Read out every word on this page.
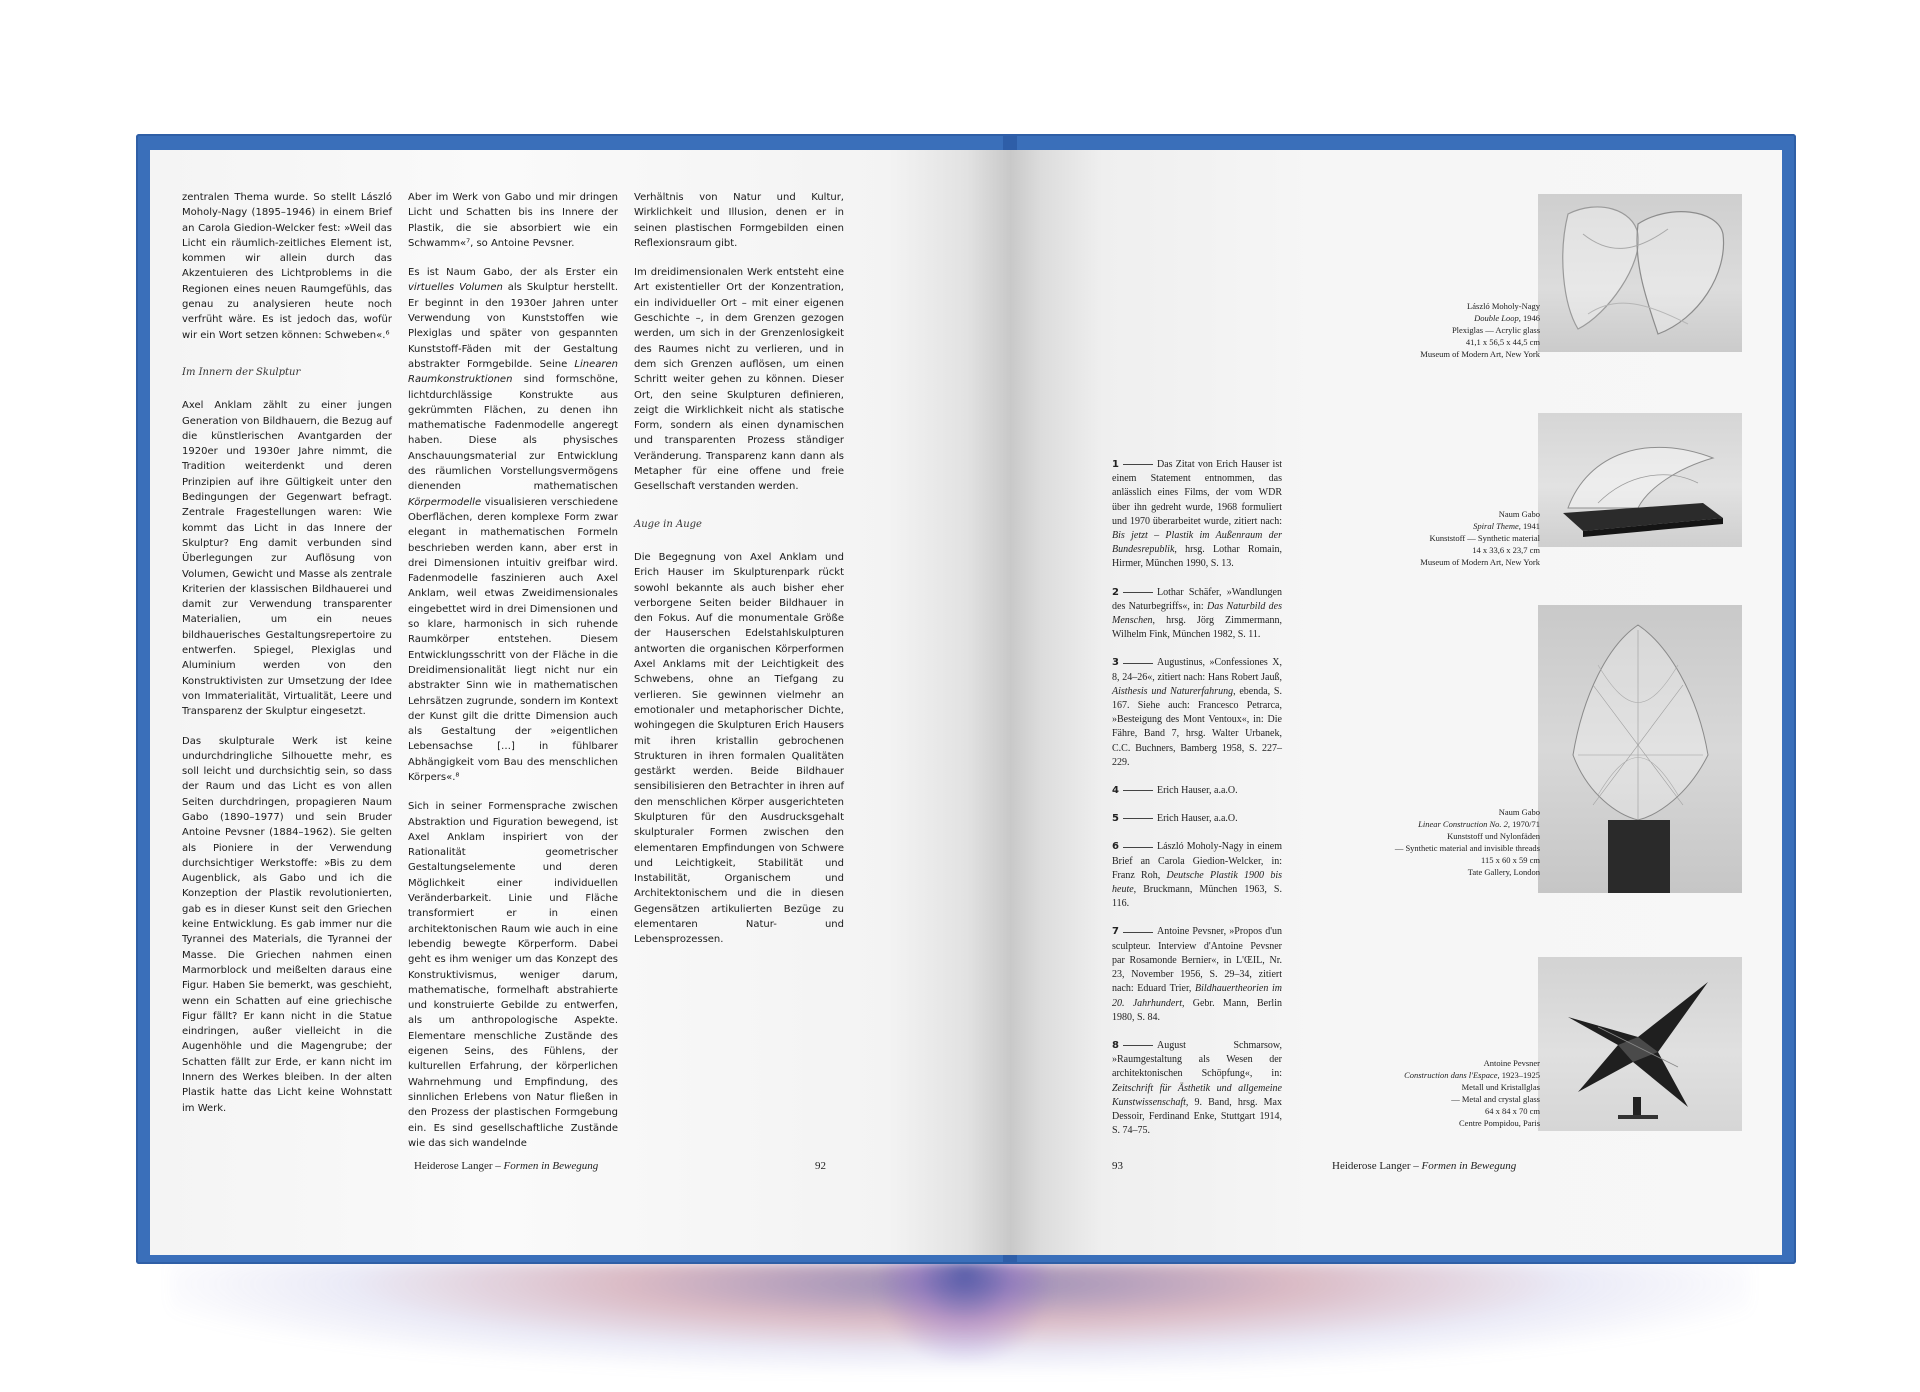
zentralen Thema wurde. So stellt László Moholy-Nagy (1895–1946) in einem Brief an Carola Giedion-Welcker fest: »Weil das Licht ein räumlich-zeitliches Element ist, kommen wir allein durch das Akzentuieren des Lichtproblems in die Regionen eines neuen Raumgefühls, das genau zu analysieren heute noch verfrüht wäre. Es ist jedoch das, wofür wir ein Wort setzen können: Schweben«.⁶

Im Innern der Skulptur

Axel Anklam zählt zu einer jungen Generation von Bildhauern, die Bezug auf die künstlerischen Avantgarden der 1920er und 1930er Jahre nimmt, die Tradition weiterdenkt und deren Prinzipien auf ihre Gültigkeit unter den Bedingungen der Gegenwart befragt. Zentrale Fragestellungen waren: Wie kommt das Licht in das Innere der Skulptur? Eng damit verbunden sind Überlegungen zur Auflösung von Volumen, Gewicht und Masse als zentrale Kriterien der klassischen Bildhauerei und damit zur Verwendung transparenter Materialien, um ein neues bildhauerisches Gestaltungsrepertoire zu entwerfen. Spiegel, Plexiglas und Aluminium werden von den Konstruktivisten zur Umsetzung der Idee von Immaterialität, Virtualität, Leere und Transparenz der Skulptur eingesetzt.

Das skulpturale Werk ist keine undurchdringliche Silhouette mehr, es soll leicht und durchsichtig sein, so dass der Raum und das Licht es von allen Seiten durchdringen, propagieren Naum Gabo (1890–1977) und sein Bruder Antoine Pevsner (1884–1962). Sie gelten als Pioniere in der Verwendung durchsichtiger Werkstoffe: »Bis zu dem Augenblick, als Gabo und ich die Konzeption der Plastik revolutionierten, gab es in dieser Kunst seit den Griechen keine Entwicklung. Es gab immer nur die Tyrannei des Materials, die Tyrannei der Masse. Die Griechen nahmen einen Marmorblock und meißelten daraus eine Figur. Haben Sie bemerkt, was geschieht, wenn ein Schatten auf eine griechische Figur fällt? Er kann nicht in die Statue eindringen, außer vielleicht in die Augenhöhle und die Magengrube; der Schatten fällt zur Erde, er kann nicht im Innern des Werkes bleiben. In der alten Plastik hatte das Licht keine Wohnstatt im Werk.

Aber im Werk von Gabo und mir dringen Licht und Schatten bis ins Innere der Plastik, die sie absorbiert wie ein Schwamm«⁷, so Antoine Pevsner.

Es ist Naum Gabo, der als Erster ein virtuelles Volumen als Skulptur herstellt. Er beginnt in den 1930er Jahren unter Verwendung von Kunststoffen wie Plexiglas und später von gespannten Kunststoff-Fäden mit der Gestaltung abstrakter Formgebilde. Seine Linearen Raumkonstruktionen sind formschöne, lichtdurchlässige Konstrukte aus gekrümmten Flächen, zu denen ihn mathematische Fadenmodelle angeregt haben. Diese als physisches Anschauungsmaterial zur Entwicklung des räumlichen Vorstellungsvermögens dienenden mathematischen Körpermodelle visualisieren verschiedene Oberflächen, deren komplexe Form zwar elegant in mathematischen Formeln beschrieben werden kann, aber erst in drei Dimensionen intuitiv greifbar wird. Fadenmodelle faszinieren auch Axel Anklam, weil etwas Zweidimensionales eingebettet wird in drei Dimensionen und so klare, harmonisch in sich ruhende Raumkörper entstehen. Diesem Entwicklungsschritt von der Fläche in die Dreidimensionalität liegt nicht nur ein abstrakter Sinn wie in mathematischen Lehrsätzen zugrunde, sondern im Kontext der Kunst gilt die dritte Dimension auch als Gestaltung der »eigentlichen Lebensachse […] in fühlbarer Abhängigkeit vom Bau des menschlichen Körpers«.⁸

Sich in seiner Formensprache zwischen Abstraktion und Figuration bewegend, ist Axel Anklam inspiriert von der Rationalität geometrischer Gestaltungselemente und deren Möglichkeit einer individuellen Veränderbarkeit. Linie und Fläche transformiert er in einen architektonischen Raum wie auch in eine lebendig bewegte Körperform. Dabei geht es ihm weniger um das Konzept des Konstruktivismus, weniger darum, mathematische, formelhaft abstrahierte und konstruierte Gebilde zu entwerfen, als um anthropologische Aspekte. Elementare menschliche Zustände des eigenen Seins, des Fühlens, der kulturellen Erfahrung, der körperlichen Wahrnehmung und Empfindung, des sinnlichen Erlebens von Natur fließen in den Prozess der plastischen Formgebung ein. Es sind gesellschaftliche Zustände wie das sich wandelnde

Verhältnis von Natur und Kultur, Wirklichkeit und Illusion, denen er in seinen plastischen Formgebilden einen Reflexionsraum gibt.

Im dreidimensionalen Werk entsteht eine Art existentieller Ort der Konzentration, ein individueller Ort – mit einer eigenen Geschichte –, in dem Grenzen gezogen werden, um sich in der Grenzenlosigkeit des Raumes nicht zu verlieren, und in dem sich Grenzen auflösen, um einen Schritt weiter gehen zu können. Dieser Ort, den seine Skulpturen definieren, zeigt die Wirklichkeit nicht als statische Form, sondern als einen dynamischen und transparenten Prozess ständiger Veränderung. Transparenz kann dann als Metapher für eine offene und freie Gesellschaft verstanden werden.

Auge in Auge

Die Begegnung von Axel Anklam und Erich Hauser im Skulpturenpark rückt sowohl bekannte als auch bisher eher verborgene Seiten beider Bildhauer in den Fokus. Auf die monumentale Größe der Hauserschen Edelstahlskulpturen antworten die organischen Körperformen Axel Anklams mit der Leichtigkeit des Schwebens, ohne an Tiefgang zu verlieren. Sie gewinnen vielmehr an emotionaler und metaphorischer Dichte, wohingegen die Skulpturen Erich Hausers mit ihren kristallin gebrochenen Strukturen in ihren formalen Qualitäten gestärkt werden. Beide Bildhauer sensibilisieren den Betrachter in ihren auf den menschlichen Körper ausgerichteten Skulpturen für den Ausdrucksgehalt skulpturaler Formen zwischen den elementaren Empfindungen von Schwere und Leichtigkeit, Stabilität und Instabilität, Organischem und Architektonischem und die in diesen Gegensätzen artikulierten Bezüge zu elementaren Natur- und Lebensprozessen.

Heiderose Langer – Formen in Bewegung	92	93	Heiderose Langer – Formen in Bewegung
1	Das Zitat von Erich Hauser ist einem Statement entnommen, das anlässlich eines Films, der vom WDR über ihn gedreht wurde, 1968 formuliert und 1970 überarbeitet wurde, zitiert nach: Bis jetzt – Plastik im Außenraum der Bundesrepublik, hrsg. Lothar Romain, Hirmer, München 1990, S. 13.
2	Lothar Schäfer, »Wandlungen des Naturbegriffs«, in: Das Naturbild des Menschen, hrsg. Jörg Zimmermann, Wilhelm Fink, München 1982, S. 11.
3	Augustinus, »Confessiones X, 8, 24–26«, zitiert nach: Hans Robert Jauß, Aisthesis und Naturerfahrung, ebenda, S. 167. Siehe auch: Francesco Petrarca, »Besteigung des Mont Ventoux«, in: Die Fähre, Band 7, hrsg. Walter Urbanek, C.C. Buchners, Bamberg 1958, S. 227–229.
4	Erich Hauser, a.a.O.
5	Erich Hauser, a.a.O.
6	László Moholy-Nagy in einem Brief an Carola Giedion-Welcker, in: Franz Roh, Deutsche Plastik 1900 bis heute, Bruckmann, München 1963, S. 116.
7	Antoine Pevsner, »Propos d'un sculpteur. Interview d'Antoine Pevsner par Rosamonde Bernier«, in L'ŒIL, Nr. 23, November 1956, S. 29–34, zitiert nach: Eduard Trier, Bildhauertheorien im 20. Jahrhundert, Gebr. Mann, Berlin 1980, S. 84.
8	August Schmarsow, »Raumgestaltung als Wesen der architektonischen Schöpfung«, in: Zeitschrift für Ästhetik und allgemeine Kunstwissenschaft, 9. Band, hrsg. Max Dessoir, Ferdinand Enke, Stuttgart 1914, S. 74–75.
László Moholy-Nagy
Double Loop, 1946
Plexiglas — Acrylic glass
41,1 x 56,5 x 44,5 cm
Museum of Modern Art, New York
Naum Gabo
Spiral Theme, 1941
Kunststoff — Synthetic material
14 x 33,6 x 23,7 cm
Museum of Modern Art, New York
Naum Gabo
Linear Construction No. 2, 1970/71
Kunststoff und Nylonfäden
— Synthetic material and invisible threads
115 x 60 x 59 cm
Tate Gallery, London
Antoine Pevsner
Construction dans l'Espace, 1923–1925
Metall und Kristallglas
— Metal and crystal glass
64 x 84 x 70 cm
Centre Pompidou, Paris
